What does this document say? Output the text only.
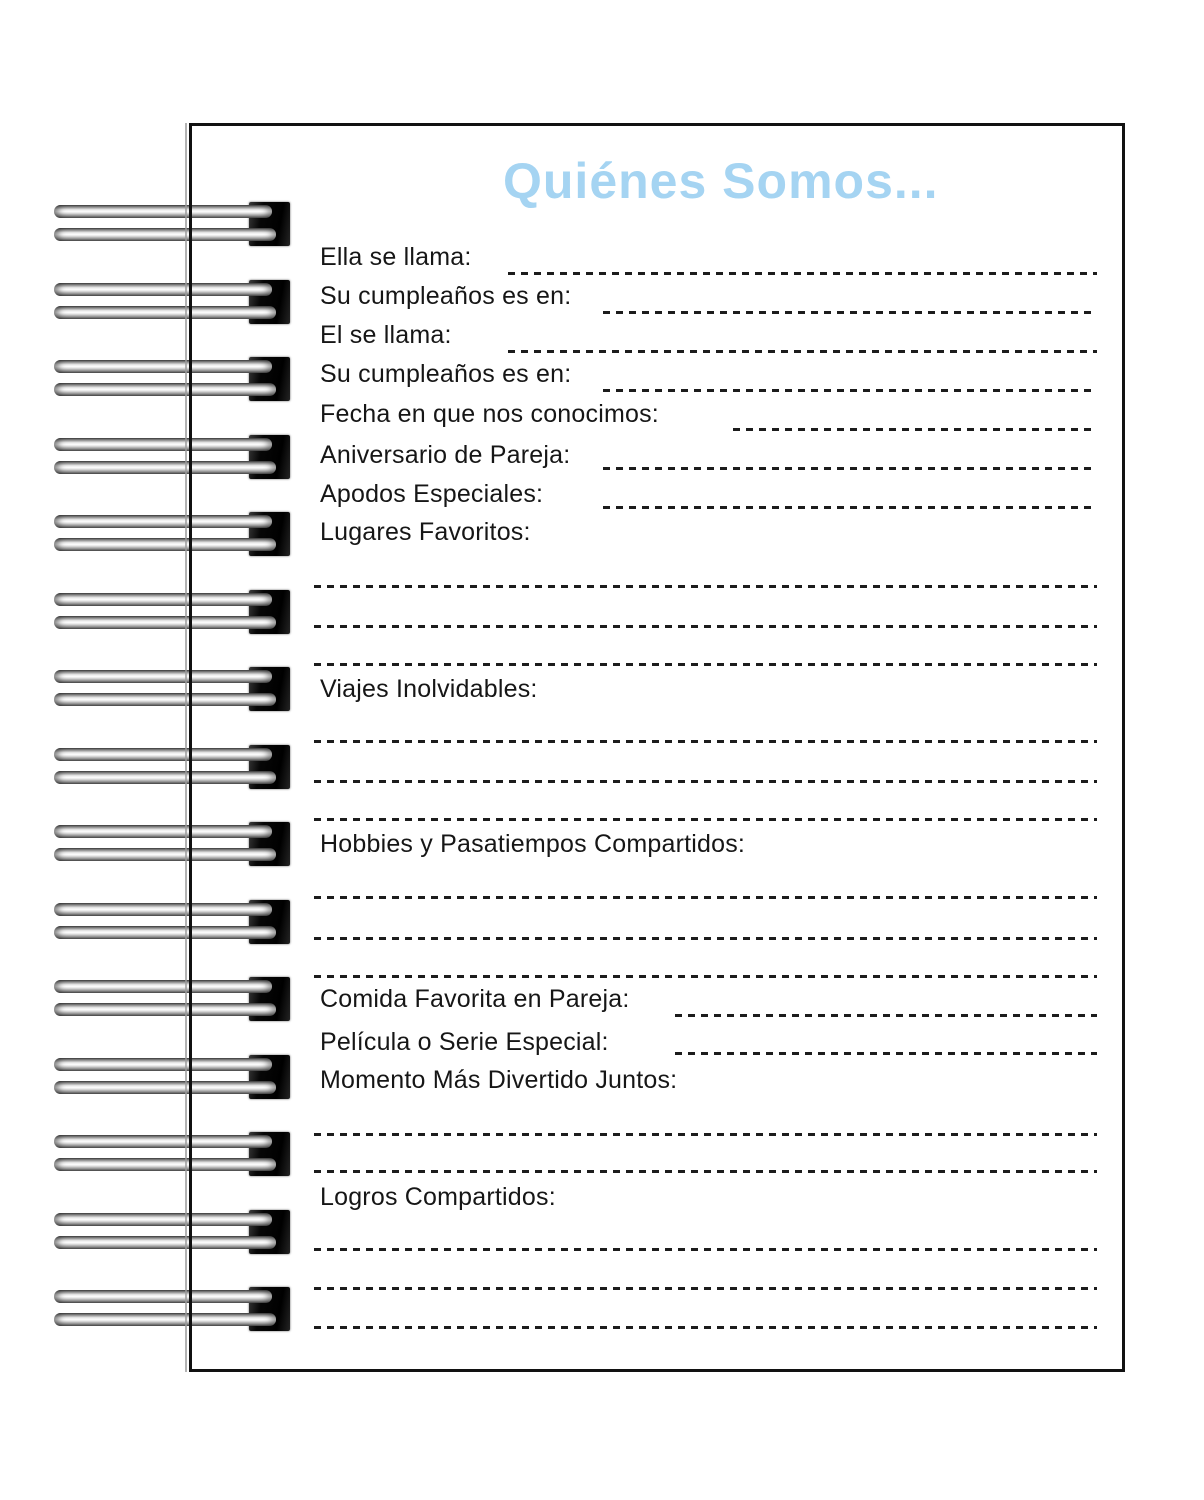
Quiénes Somos...
Ella se llama:
Su cumpleaños es en:
El se llama:
Su cumpleaños es en:
Fecha en que nos conocimos:
Aniversario de Pareja:
Apodos Especiales:
Lugares Favoritos:
Viajes Inolvidables:
Hobbies y Pasatiempos Compartidos:
Comida Favorita en Pareja:
Película o Serie Especial:
Momento Más Divertido Juntos:
Logros Compartidos:
